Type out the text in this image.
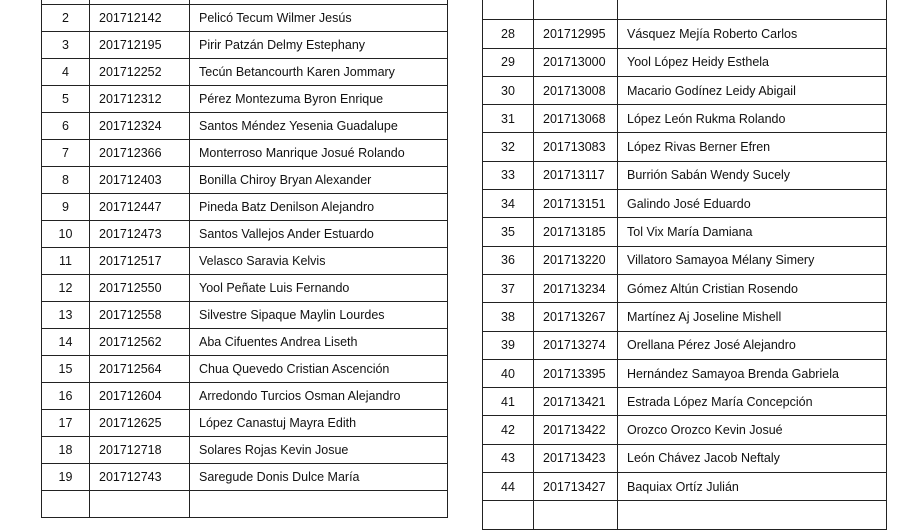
2	201712142	Pelicó Tecum Wilmer Jesús
3	201712195	Pirir Patzán Delmy Estephany
4	201712252	Tecún Betancourth Karen Jommary
5	201712312	Pérez Montezuma Byron Enrique
6	201712324	Santos Méndez Yesenia Guadalupe
7	201712366	Monterroso Manrique Josué Rolando
8	201712403	Bonilla Chiroy Bryan Alexander
9	201712447	Pineda Batz Denilson Alejandro
10	201712473	Santos Vallejos Ander Estuardo
11	201712517	Velasco Saravia Kelvis
12	201712550	Yool Peñate Luis Fernando
13	201712558	Silvestre Sipaque Maylin Lourdes
14	201712562	Aba Cifuentes Andrea Liseth
15	201712564	Chua Quevedo Cristian Ascención
16	201712604	Arredondo Turcios Osman Alejandro
17	201712625	López Canastuj Mayra Edith
18	201712718	Solares Rojas Kevin Josue
19	201712743	Saregude Donis Dulce María

28	201712995	Vásquez Mejía Roberto Carlos
29	201713000	Yool López Heidy Esthela
30	201713008	Macario Godínez Leidy Abigail
31	201713068	López León Rukma Rolando
32	201713083	López Rivas Berner Efren
33	201713117	Burrión Sabán Wendy Sucely
34	201713151	Galindo José Eduardo
35	201713185	Tol Vix María Damiana
36	201713220	Villatoro Samayoa Mélany Simery
37	201713234	Gómez Altún Cristian Rosendo
38	201713267	Martínez Aj Joseline Mishell
39	201713274	Orellana Pérez José Alejandro
40	201713395	Hernández Samayoa Brenda Gabriela
41	201713421	Estrada López María Concepción
42	201713422	Orozco Orozco Kevin Josué
43	201713423	León Chávez Jacob Neftaly
44	201713427	Baquiax Ortíz Julián
